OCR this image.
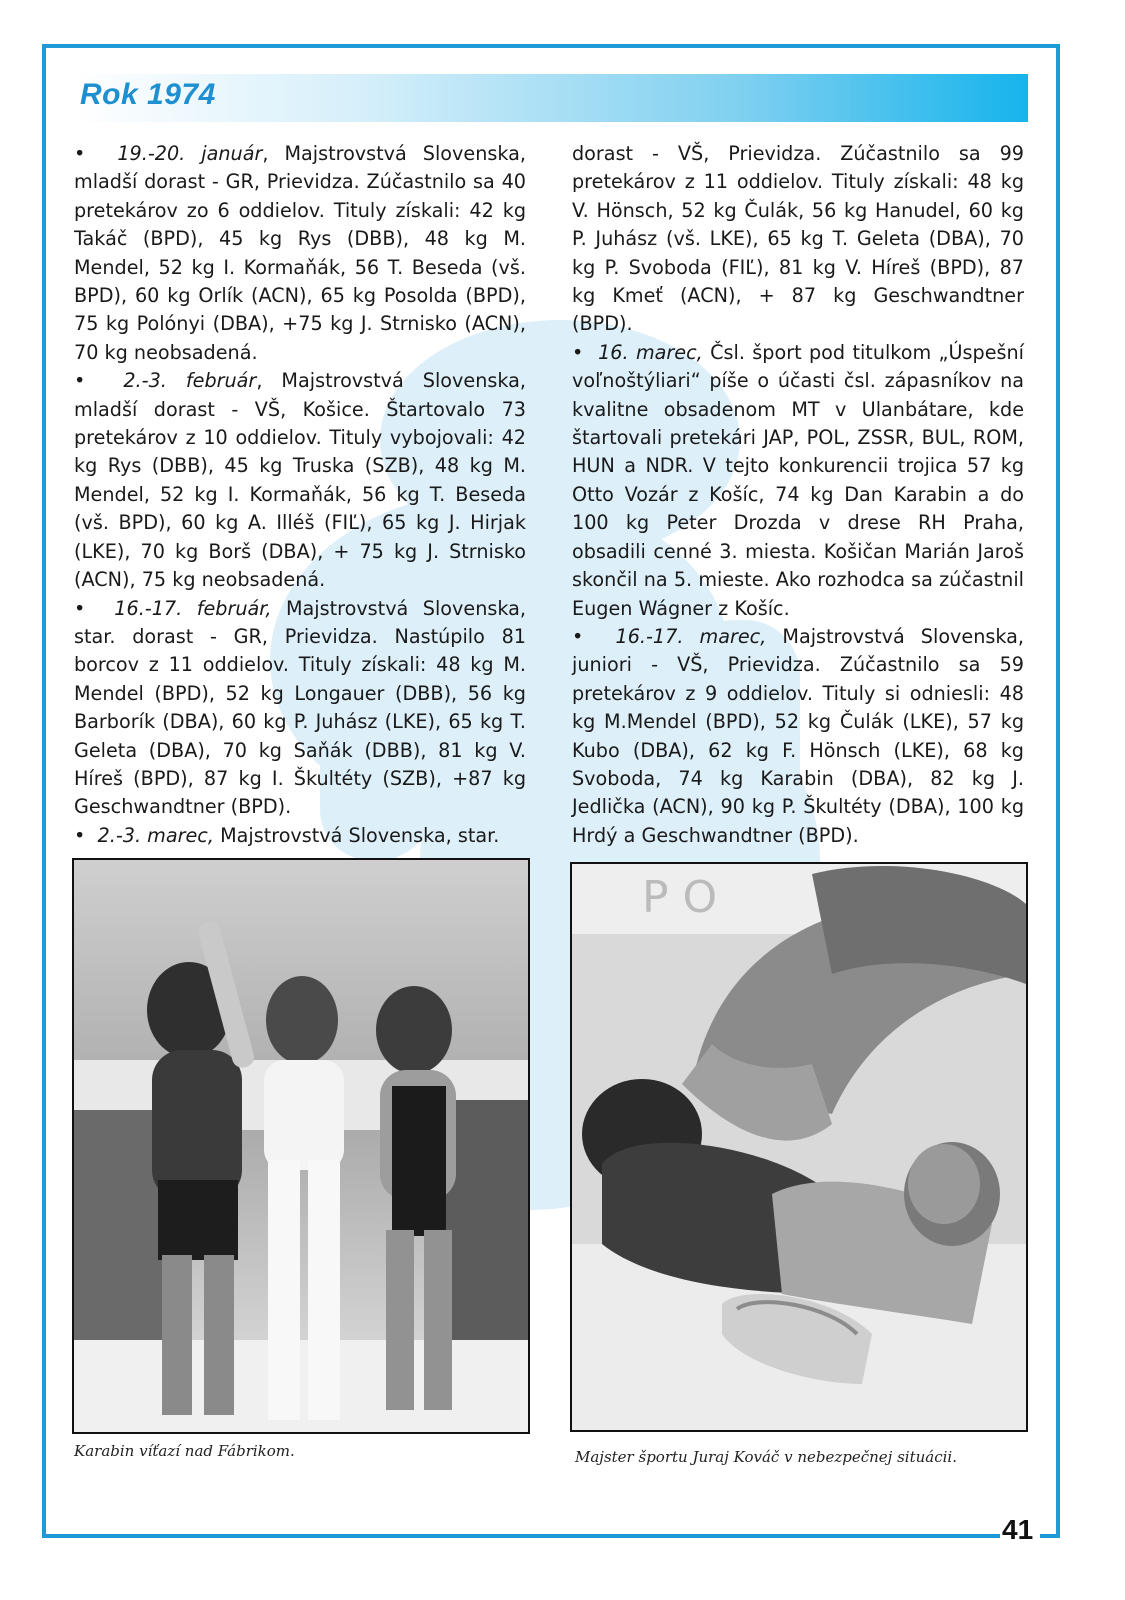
Rok 1974

• 19.-20. január, Majstrovstvá Slovenska, mladší dorast - GR, Prievidza. Zúčastnilo sa 40 pretekárov zo 6 oddielov. Tituly získali: 42 kg Takáč (BPD), 45 kg Rys (DBB), 48 kg M. Mendel, 52 kg I. Kormaňák, 56 T. Beseda (vš. BPD), 60 kg Orlík (ACN), 65 kg Posolda (BPD), 75 kg Polónyi (DBA), +75 kg J. Strnisko (ACN), 70 kg neobsadená.

• 2.-3. február, Majstrovstvá Slovenska, mladší dorast - VŠ, Košice. Štartovalo 73 pretekárov z 10 oddielov. Tituly vybojovali: 42 kg Rys (DBB), 45 kg Truska (SZB), 48 kg M. Mendel, 52 kg I. Kormaňák, 56 kg T. Beseda (vš. BPD), 60 kg A. Illéš (FIĽ), 65 kg J. Hirjak (LKE), 70 kg Borš (DBA), + 75 kg J. Strnisko (ACN), 75 kg neobsadená.

• 16.-17. február, Majstrovstvá Slovenska, star. dorast - GR, Prievidza. Nastúpilo 81 borcov z 11 oddielov. Tituly získali: 48 kg M. Mendel (BPD), 52 kg Longauer (DBB), 56 kg Barborík (DBA), 60 kg P. Juhász (LKE), 65 kg T. Geleta (DBA), 70 kg Saňák (DBB), 81 kg V. Híreš (BPD), 87 kg I. Škultéty (SZB), +87 kg Geschwandtner (BPD).

• 2.-3. marec, Majstrovstvá Slovenska, star.

dorast - VŠ, Prievidza. Zúčastnilo sa 99 pretekárov z 11 oddielov. Tituly získali: 48 kg V. Hönsch, 52 kg Čulák, 56 kg Hanudel, 60 kg P. Juhász (vš. LKE), 65 kg T. Geleta (DBA), 70 kg P. Svoboda (FIĽ), 81 kg V. Híreš (BPD), 87 kg Kmeť (ACN), + 87 kg Geschwandtner (BPD).

• 16. marec, Čsl. šport pod titulkom „Úspešní voľnoštýliari“ píše o účasti čsl. zápasníkov na kvalitne obsadenom MT v Ulanbátare, kde štartovali pretekári JAP, POL, ZSSR, BUL, ROM, HUN a NDR. V tejto konkurencii trojica 57 kg Otto Vozár z Košíc, 74 kg Dan Karabin a do 100 kg Peter Drozda v drese RH Praha, obsadili cenné 3. miesta. Košičan Marián Jaroš skončil na 5. mieste. Ako rozhodca sa zúčastnil Eugen Wágner z Košíc.

• 16.-17. marec, Majstrovstvá Slovenska, juniori - VŠ, Prievidza. Zúčastnilo sa 59 pretekárov z 9 oddielov. Tituly si odniesli: 48 kg M.Mendel (BPD), 52 kg Čulák (LKE), 57 kg Kubo (DBA), 62 kg F. Hönsch (LKE), 68 kg Svoboda, 74 kg Karabin (DBA), 82 kg J. Jedlička (ACN), 90 kg P. Škultéty (DBA), 100 kg Hrdý a Geschwandtner (BPD).

Karabin víťazí nad Fábrikom.
P O
Majster športu Juraj Kováč v nebezpečnej situácii.
41
